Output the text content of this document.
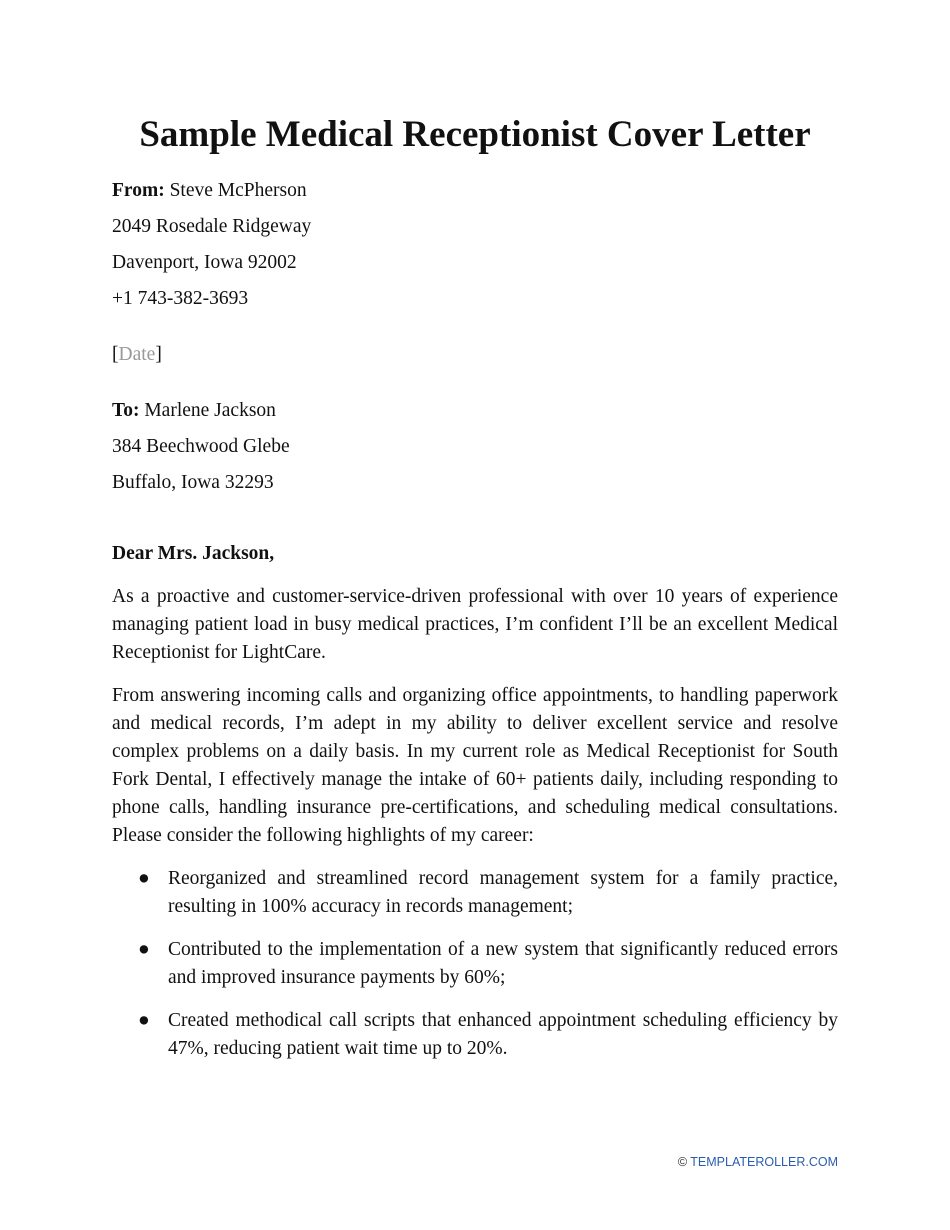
Sample Medical Receptionist Cover Letter
From: Steve McPherson
2049 Rosedale Ridgeway
Davenport, Iowa 92002
+1 743-382-3693
[Date]
To: Marlene Jackson
384 Beechwood Glebe
Buffalo, Iowa 32293
Dear Mrs. Jackson,

As a proactive and customer-service-driven professional with over 10 years of experience managing patient load in busy medical practices, I’m confident I’ll be an excellent Medical Receptionist for LightCare.

From answering incoming calls and organizing office appointments, to handling paperwork and medical records, I’m adept in my ability to deliver excellent service and resolve complex problems on a daily basis. In my current role as Medical Receptionist for South Fork Dental, I effectively manage the intake of 60+ patients daily, including responding to phone calls, handling insurance pre-certifications, and scheduling medical consultations. Please consider the following highlights of my career:

● Reorganized and streamlined record management system for a family practice, resulting in 100% accuracy in records management;
● Contributed to the implementation of a new system that significantly reduced errors and improved insurance payments by 60%;
● Created methodical call scripts that enhanced appointment scheduling efficiency by 47%, reducing patient wait time up to 20%.
© TEMPLATEROLLER.COM
